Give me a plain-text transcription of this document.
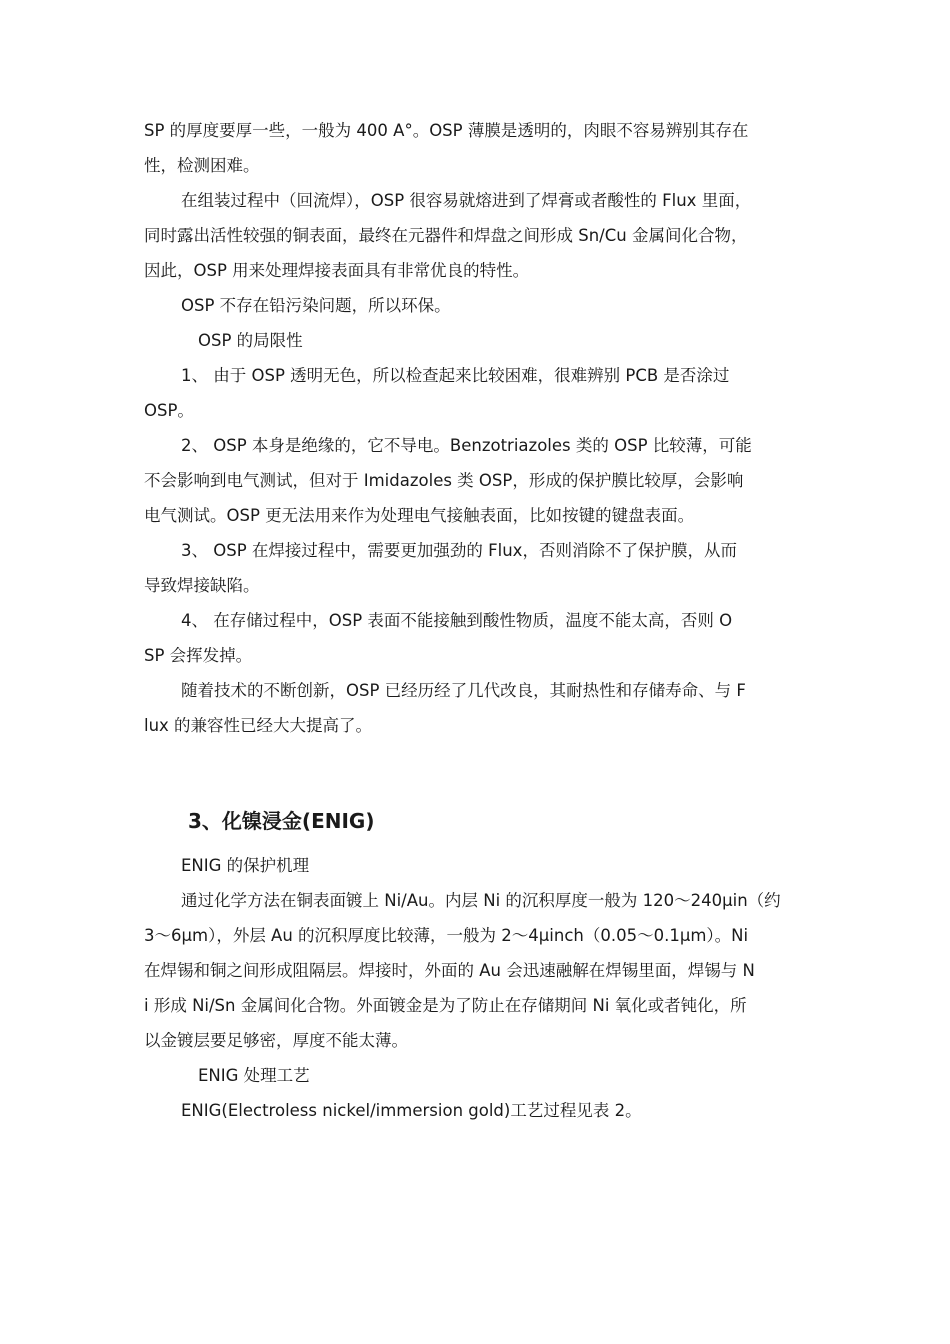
SP 的厚度要厚一些，一般为 400 A°。OSP 薄膜是透明的，肉眼不容易辨别其存在

性，检测困难。

在组装过程中（回流焊），OSP 很容易就熔进到了焊膏或者酸性的 Flux 里面，

同时露出活性较强的铜表面，最终在元器件和焊盘之间形成 Sn/Cu 金属间化合物，

因此，OSP 用来处理焊接表面具有非常优良的特性。

OSP 不存在铅污染问题，所以环保。

OSP 的局限性

1、 由于 OSP 透明无色，所以检查起来比较困难，很难辨别 PCB 是否涂过

OSP。

2、 OSP 本身是绝缘的，它不导电。Benzotriazoles 类的 OSP 比较薄，可能

不会影响到电气测试，但对于 Imidazoles 类 OSP，形成的保护膜比较厚，会影响

电气测试。OSP 更无法用来作为处理电气接触表面，比如按键的键盘表面。

3、 OSP 在焊接过程中，需要更加强劲的 Flux，否则消除不了保护膜，从而

导致焊接缺陷。

4、 在存储过程中，OSP 表面不能接触到酸性物质，温度不能太高，否则 O

SP 会挥发掉。

随着技术的不断创新，OSP 已经历经了几代改良，其耐热性和存储寿命、与 F

lux 的兼容性已经大大提高了。

3、化镍浸金(ENIG)

ENIG 的保护机理

通过化学方法在铜表面镀上 Ni/Au。内层 Ni 的沉积厚度一般为 120～240μin（约

3～6μm），外层 Au 的沉积厚度比较薄，一般为 2～4μinch（0.05～0.1μm）。Ni

在焊锡和铜之间形成阻隔层。焊接时，外面的 Au 会迅速融解在焊锡里面，焊锡与 N

i 形成 Ni/Sn 金属间化合物。外面镀金是为了防止在存储期间 Ni 氧化或者钝化，所

以金镀层要足够密，厚度不能太薄。

ENIG 处理工艺

ENIG(Electroless nickel/immersion gold)工艺过程见表 2。
